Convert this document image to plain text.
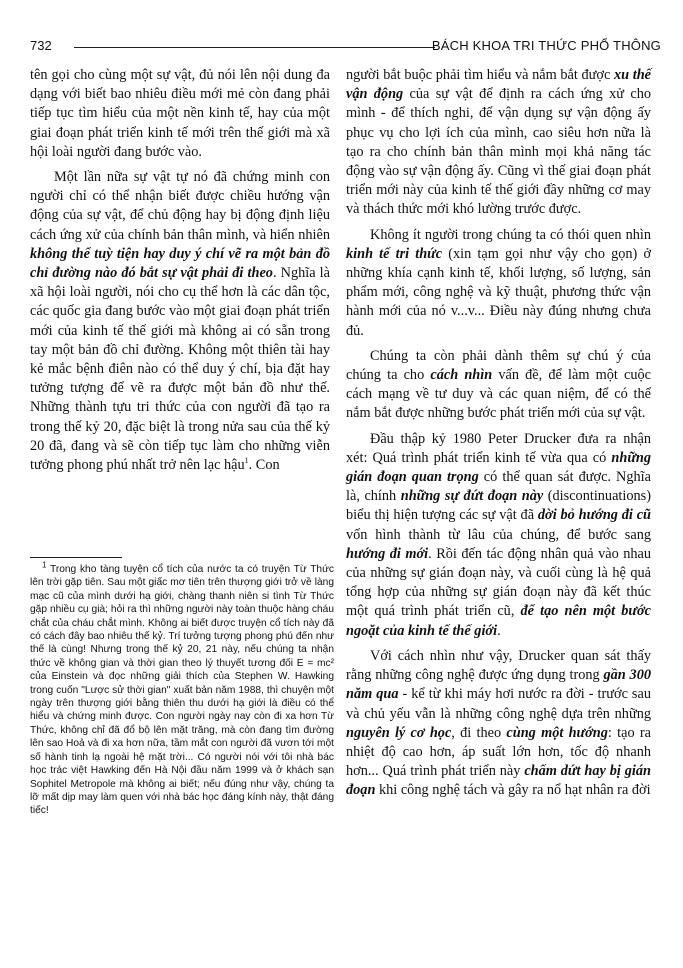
732	BÁCH KHOA TRI THỨC PHỔ THÔNG

tên gọi cho cùng một sự vật, đủ nói lên nội dung đa dạng với biết bao nhiêu điều mới mẻ còn đang phải tiếp tục tìm hiểu của một nền kinh tế, hay của một giai đoạn phát triển kinh tế mới trên thế giới mà xã hội loài người đang bước vào.

Một lần nữa sự vật tự nó đã chứng minh con người chỉ có thể nhận biết được chiều hướng vận động của sự vật, để chủ động hay bị động định liệu cách ứng xử của chính bản thân mình, và hiển nhiên không thể tuỳ tiện hay duy ý chí vẽ ra một bản đồ chỉ đường nào đó bắt sự vật phải đi theo. Nghĩa là xã hội loài người, nói cho cụ thể hơn là các dân tộc, các quốc gia đang bước vào một giai đoạn phát triển mới của kinh tế thế giới mà không ai có sẵn trong tay một bản đồ chỉ đường. Không một thiên tài hay kẻ mắc bệnh điên nào có thể duy ý chí, bịa đặt hay tưởng tượng để vẽ ra được một bản đồ như thế. Những thành tựu tri thức của con người đã tạo ra trong thế kỷ 20, đặc biệt là trong nửa sau của thế kỷ 20 đã, đang và sẽ còn tiếp tục làm cho những viễn tưởng phong phú nhất trở nên lạc hậu$^1$. Con

$^1$ Trong kho tàng tuyện cổ tích của nước ta có truyện Từ Thức lên trời gặp tiên. Sau một giấc mơ tiên trên thượng giới trở về làng mạc cũ của mình dưới hạ giới, chàng thanh niên si tình Từ Thức gặp nhiều cụ già; hỏi ra thì những người này toàn thuộc hàng cháu chắt của cháu chắt mình. Không ai biết được truyện cổ tích này đã có cách đây bao nhiêu thế kỷ. Trí tưởng tượng phong phú đến như thế là cùng! Nhưng trong thế kỷ 20, 21 này, nếu chúng ta nhận thức về không gian và thời gian theo lý thuyết tương đối E = mc² của Einstein và đọc những giải thích của Stephen W. Hawking trong cuốn "Lược sử thời gian" xuất bản năm 1988, thì chuyện một ngày trên thượng giới bằng thiên thu dưới hạ giới là điều có thể hiểu và chứng minh được. Con người ngày nay còn đi xa hơn Từ Thức, không chỉ đã đổ bộ lên mặt trăng, mà còn đang tìm đường lên sao Hoả và đi xa hơn nữa, tầm mắt con người đã vươn tới một số hành tinh lạ ngoài hệ mặt trời... Có người nói với tôi nhà bác học trác việt Hawking đến Hà Nội đầu năm 1999 và ở khách sạn Sophitel Metropole mà không ai biết; nếu đúng như vậy, chúng ta lỡ mất dịp may làm quen với nhà bác học đáng kính này, thật đáng tiếc!

người bắt buộc phải tìm hiểu và nắm bắt được xu thế vận động của sự vật để định ra cách ứng xử cho mình - để thích nghi, để vận dụng sự vận động ấy phục vụ cho lợi ích của mình, cao siêu hơn nữa là tạo ra cho chính bản thân mình mọi khả năng tác động vào sự vận động ấy. Cũng vì thế giai đoạn phát triển mới này của kinh tế thế giới đầy những cơ may và thách thức mới khó lường trước được.

Không ít người trong chúng ta có thói quen nhìn kinh tế tri thức (xin tạm gọi như vậy cho gọn) ở những khía cạnh kinh tế, khối lượng, số lượng, sản phẩm mới, công nghệ và kỹ thuật, phương thức vận hành mới của nó v...v... Điều này đúng nhưng chưa đủ.

Chúng ta còn phải dành thêm sự chú ý của chúng ta cho cách nhìn vấn đề, để làm một cuộc cách mạng về tư duy và các quan niệm, để có thể nắm bắt được những bước phát triển mới của sự vật.

Đầu thập kỷ 1980 Peter Drucker đưa ra nhận xét: Quá trình phát triển kinh tế vừa qua có những gián đoạn quan trọng có thể quan sát được. Nghĩa là, chính những sự đứt đoạn này (discontinuations) biểu thị hiện tượng các sự vật đã dời bỏ hướng đi cũ vốn hình thành từ lâu của chúng, để bước sang hướng đi mới. Rồi đến tác động nhân quả vào nhau của những sự gián đoạn này, và cuối cùng là hệ quả tổng hợp của những sự gián đoạn này đã kết thúc một quá trình phát triển cũ, để tạo nên một bước ngoặt của kinh tế thế giới.

Với cách nhìn như vậy, Drucker quan sát thấy rằng những công nghệ được ứng dụng trong gần 300 năm qua - kể từ khi máy hơi nước ra đời - trước sau và chủ yếu vẫn là những công nghệ dựa trên những nguyên lý cơ học, đi theo cùng một hướng: tạo ra nhiệt độ cao hơn, áp suất lớn hơn, tốc độ nhanh hơn... Quá trình phát triển này chấm dứt hay bị gián đoạn khi công nghệ tách và gây ra nổ hạt nhân ra đời
